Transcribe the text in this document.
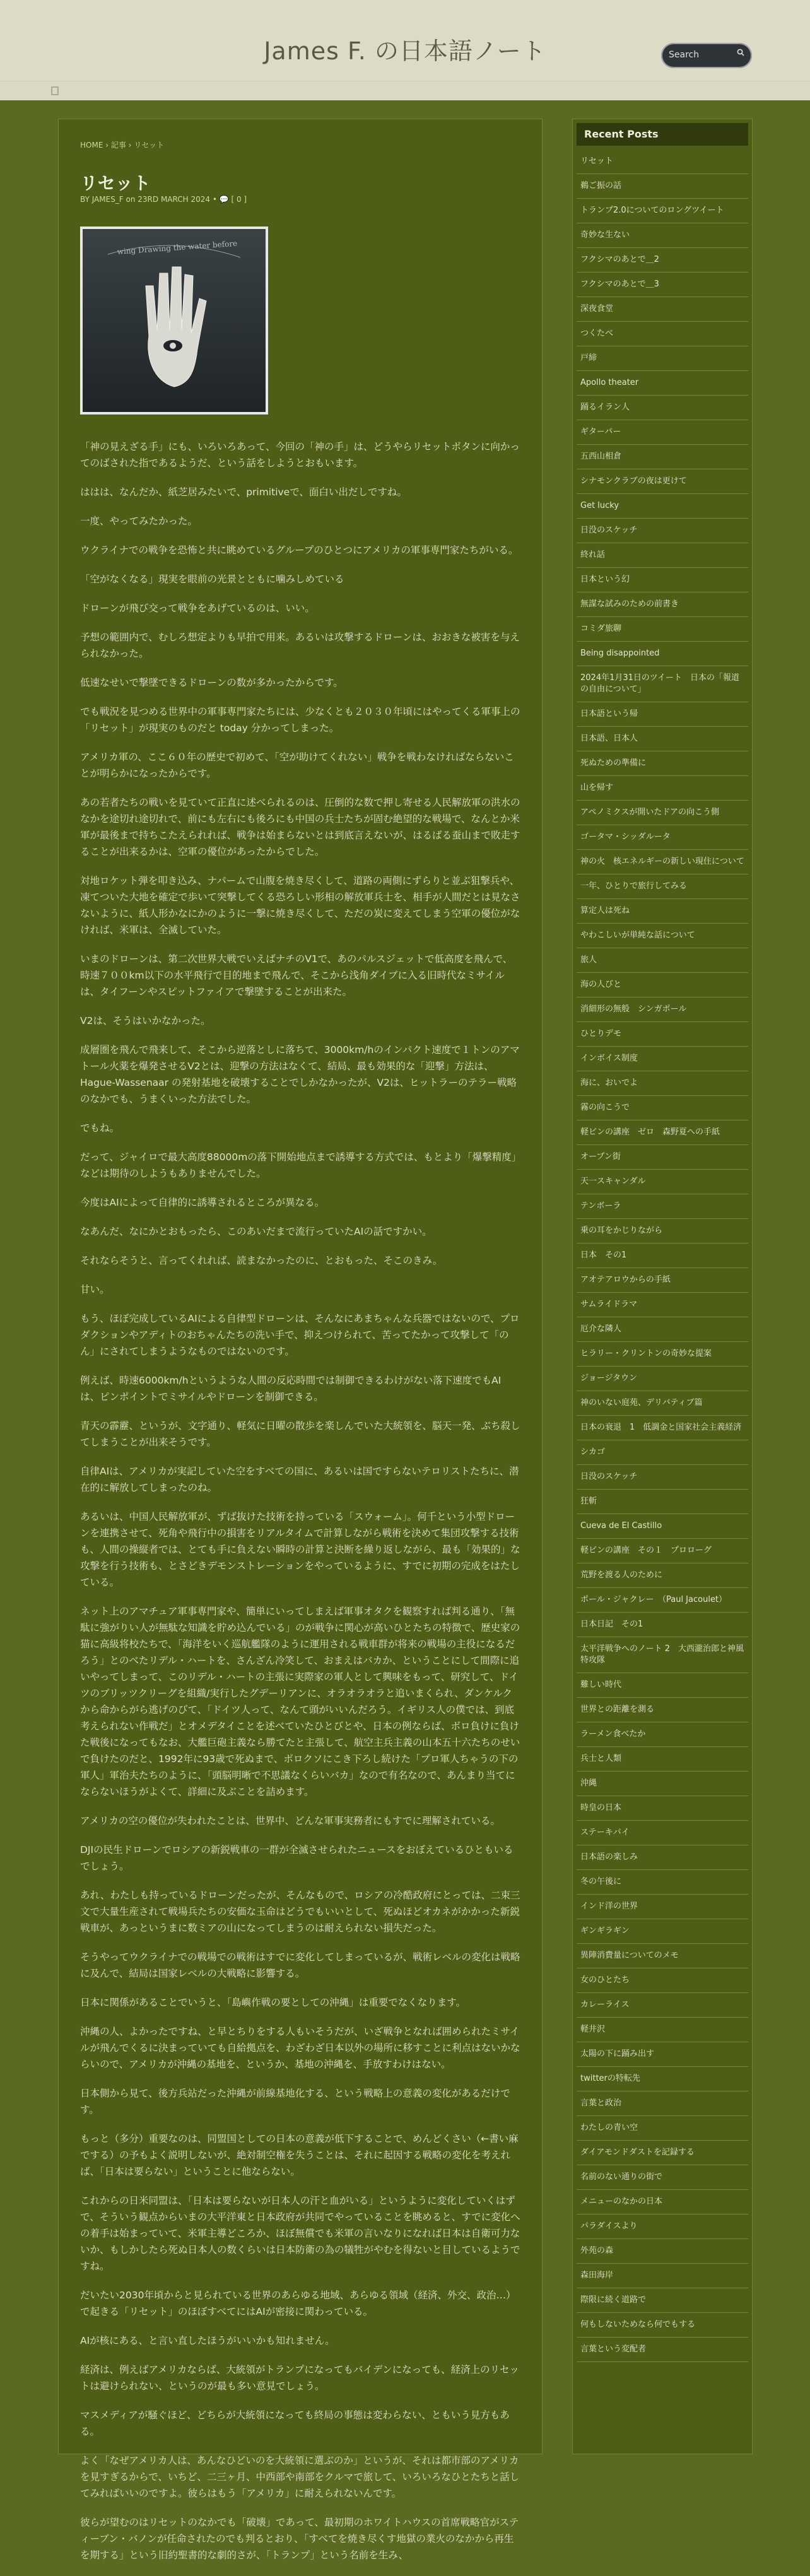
James F. の日本語ノート	Search
HOME › 記事 › リセット
リセット
BY JAMES_F on 23RD MARCH 2024 • 💬 [ 0 ]
wing Drawing the water before

「神の見えざる手」にも、いろいろあって、今回の「神の手」は、どうやらリセットボタンに向かってのばされた指であるようだ、という話をしようとおもいます。

ははは、なんだか、紙芝居みたいで、primitiveで、面白い出だしですね。

一度、やってみたかった。

ウクライナでの戦争を恐怖と共に眺めているグループのひとつにアメリカの軍事専門家たちがいる。

「空がなくなる」現実を眼前の光景とともに噛みしめている

ドローンが飛び交って戦争をあげているのは、いい。

予想の範囲内で、むしろ想定よりも早拍で用来。あるいは攻撃するドローンは、おおきな被害を与えられなかった。

低速なせいで撃墜できるドローンの数が多かったからです。

でも戦況を見つめる世界中の軍事専門家たちには、少なくとも２０３０年頃にはやってくる軍事上の「リセット」が現実のものだと today 分かってしまった。

アメリカ軍の、ここ６０年の歴史で初めて、「空が助けてくれない」戦争を戦わなければならないことが明らかになったからです。

あの若者たちの戦いを見ていて正直に述べられるのは、圧倒的な数で押し寄せる人民解放軍の洪水のなかを途切れ途切れで、前にも左右にも後ろにも中国の兵士たちが固む絶望的な戦場で、なんとか米軍が最後まで持ちこたえられれば、戦争は始まらないとは到底言えないが、はるばる蚕山まで敗走することが出来るかは、空軍の優位があったからでした。

対地ロケット弾を叩き込み、ナパームで山腹を焼き尽くして、道路の両側にずらりと並ぶ狙撃兵や、凍てついた大地を確定で歩いて突撃してくる恐ろしい形相の解放軍兵士を、相手が人間だとは見なさないように、紙人形かなにかのように一撃に焼き尽くして、ただの炭に変えてしまう空軍の優位がなければ、米軍は、全滅していた。

いまのドローンは、第二次世界大戦でいえばナチのV1で、あのパルスジェットで低高度を飛んで、時速７００km以下の水平飛行で目的地まで飛んで、そこから浅角ダイブに入る旧時代なミサイルは、タイフーンやスピットファイアで撃墜することが出来た。

V2は、そうはいかなかった。

成層圏を飛んで飛来して、そこから逆落としに落ちて、3000km/hのインパクト速度で１トンのアマトール火薬を爆発させるV2とは、迎撃の方法はなくて、結局、最も効果的な「迎撃」方法は、Hague-Wassenaar の発射基地を破壊することでしかなかったが、V2は、ヒットラーのテラー戦略のなかでも、うまくいった方法でした。

でもね。

だって、ジャイロで最大高度88000mの落下開始地点まで誘導する方式では、もとより「爆撃精度」などは期待のしようもありませんでした。

今度はAIによって自律的に誘導されるところが異なる。

なあんだ、なにかとおもったら、このあいだまで流行っていたAIの話ですかい。

それならそうと、言ってくれれば、読まなかったのに、とおもった、そこのきみ。

甘い。

もう、ほぼ完成しているAIによる自律型ドローンは、そんなにあまちゃんな兵器ではないので、プロダクションやアディトのおちゃんたちの洗い手で、抑えつけられて、苦ってたかって攻撃して「のん」にされてしまうようなものではないのです。

例えば、時速6000km/hというような人間の反応時間では制御できるわけがない落下速度でもAIは、ピンポイントでミサイルやドローンを制御できる。

青天の霹靂、というが、文字通り、軽気に日曜の散歩を楽しんでいた大統領を、脳天一発、ぶち殺してしまうことが出来そうです。

自律AIは、アメリカが実記していた空をすべての国に、あるいは国ですらないテロリストたちに、潜在的に解放してしまったのね。

あるいは、中国人民解放軍が、ずば抜けた技術を持っている「スウォーム」。何千という小型ドローンを連携させて、死角や飛行中の損害をリアルタイムで計算しながら戦術を決めて集団攻撃する技術も、人間の操縦者では、とても手に負えない瞬時の計算と決断を繰り返しながら、最も「効果的」な攻撃を行う技術も、とさどきデモンストレーションをやっているように、すでに初期の完成をはたしている。

ネット上のアマチュア軍事専門家や、簡単にいってしまえば軍事オタクを観察すれば判る通り、「無駄に強がりい人が無駄な知識を貯め込んでいる」のが戦争に関心が高いひとたちの特徴で、歴史家の猫に高級将校たちで、「海洋をいく巡航艦隊のように運用される戦車群が将来の戦場の主役になるだろう」とのべたリデル・ハートを、さんざん冷笑して、おまえはバカか、ということにして間際に追いやってしまって、このリデル・ハートの主張に実際家の軍人として興味をもって、研究して、ドイツのブリッツクリーグを組織/実行したグデーリアンに、オラオラオラと追いまくられ、ダンケルクから命からがら逃げのびて、「ドイツ人って、なんて頭がいいんだろう。イギリス人の僕では、到底考えられない作戦だ」とオメデタイことを述べていたひとびとや、日本の例ならば、ボロ負けに負けた戦後になってもなお、大艦巨砲主義なら勝てたと主張して、航空主兵主義の山本五十六たちのせいで負けたのだと、1992年に93歳で死ぬまで、ボロクソにこき下ろし続けた「プロ軍人ちゃうの下の軍人」軍治夫たちのように、「頭脳明晰で不思議なくらいバカ」なので有名なので、あんまり当てにならないほうがよくて、詳細に及ぶことを詰めます。

アメリカの空の優位が失われたことは、世界中、どんな軍事実務者にもすでに理解されている。

DJIの民生ドローンでロシアの新鋭戦車の一群が全滅させられたニュースをおぼえているひともいるでしょう。

あれ、わたしも持っているドローンだったが、そんなもので、ロシアの冷酷政府にとっては、二束三文で大量生産されて戦場兵たちの安価な玉命はどうでもいいとして、死ぬほどオカネがかかった新鋭戦車が、あっというまに数ミアの山になってしまうのは耐えられない損失だった。

そうやってウクライナでの戦場での戦術はすでに変化してしまっているが、戦術レベルの変化は戦略に及んで、結局は国家レベルの大戦略に影響する。

日本に関係があることでいうと、「島嶼作戦の要としての沖縄」は重要でなくなります。

沖縄の人、よかったですね、と早とちりをする人もいそうだが、いざ戦争となれば囲められたミサイルが飛んでくるに決まっていても自給拠点を、わざわざ日本以外の場所に移すことに利点はないかならいので、アメリカが沖縄の基地を、というか、基地の沖縄を、手放すわけはない。

日本側から見て、後方兵站だった沖縄が前線基地化する、という戦略上の意義の変化があるだけです。

もっと（多分）重要なのは、同盟国としての日本の意義が低下することで、めんどくさい（←書い麻でする）の予もよく説明しないが、絶対制空権を失うことは、それに起因する戦略の変化を考えれば、「日本は要らない」ということに他ならない。

これからの日米同盟は、「日本は要らないが日本人の汗と血がいる」というように変化していくはずで、そういう観点からいまの大平洋東と日本政府が共同でやっていることを眺めると、すでに変化への着手は始まっていて、米軍主導どころか、ほぼ無償でも米軍の言いなりになれば日本は自衛可力ないか、もしかしたら死ぬ日本人の数くらいは日本防衛の為の犠牲がやむを得ないと目しているようですね。

だいたい2030年頃からと見られている世界のあらゆる地域、あらゆる領域（経済、外交、政治…）で起きる「リセット」のほぼすべてにはAIが密接に関わっている。

AIが核にある、と言い直したほうがいいかも知れません。

経済は、例えばアメリカならば、大統領がトランプになってもバイデンになっても、経済上のリセットは避けられない、というのが最も多い意見でしょう。

マスメディアが騒ぐほど、どちらが大統領になっても終局の事態は変わらない、ともいう見方もある。

よく「なぜアメリカ人は、あんなひどいのを大統領に選ぶのか」というが、それは都市部のアメリカを見すぎるからで、いちど、二三ヶ月、中西部や南部をクルマで旅して、いろいろなひとたちと話してみればいいのですよ。彼らはもう「アメリカ」に耐えられないんです。

彼らが望むのはリセットのなかでも「破壊」であって、最初期のホワイトハウスの首席戦略官がスティーブン・バノンが任命されたのでも判るとおり、「すべてを焼き尽くす地獄の業火のなかから再生を期する」という旧約聖書的な劇的さが、「トランプ」という名前を生み、

Recent Posts
リセット
鵜ご振の話
トランプ2.0についてのロングツイート
奇妙な生ない
フクシマのあとで＿2
フクシマのあとで＿3
深夜食堂
つくたべ
戸締
Apollo theater
踊るイラン人
ギターバー
五西山相倉
シナモンクラブの夜は更けて
Get lucky
日没のスケッチ
終れ話
日本という幻
無謀な試みのための前書き
コミダ旅聊
Being disappointed
2024年1月31日のツイート　日本の「報道の自由について」
日本語という帰
日本語、日本人
死ぬための準備に
山を帰す
アペノミクスが開いたドアの向こう側
ゴータマ・シッダルータ
神の火　核エネルギーの新しい現住について
一年、ひとりで旅行してみる
算定人は死ね
やわこしいが単純な話について
旅人
海の人びと
消細形の無般　シンガポール
ひとりデモ
インボイス制度
海に、おいでよ
霧の向こうで
軽ビンの講座　ゼロ　森野夏への手紙
オープン街
天一スキャンダル
テンボーラ
乗の耳をかじりながら
日本　その1
アオテアロウからの手紙
サムライドラマ
厄介な隣人
ヒラリー・クリントンの奇妙な提案
ジョージタウン
神のいない庭苑、デリバティブ篇
日本の衰退　1　低調金と国家社会主義経済
シカゴ
日没のスケッチ
狂斬
Cueva de El Castillo
軽ビンの講座　その１　プロローグ
荒野を渡る人のために
ポール・ジャクレー　（Paul Jacoulet）
日本日記　その1
太平洋戦争へのノート 2　大西瀧治郎と神風特攻隊
難しい時代
世界との距離を測る
ラーメン食べたか
兵士と人類
沖縄
時皇の日本
ステーキパイ
日本語の楽しみ
冬の午後に
インド洋の世界
ギンギラギン
異陣消費量についてのメモ
女のひとたち
カレーライス
軽井沢
太陽の下に踊み出す
twitterの特転先
言葉と政治
わたしの青い空
ダイアモンドダストを記録する
名前のない通りの街で
メニューのなかの日本
パラダイスより
外苑の森
森田海岸
際限に続く道路で
何もしないためなら何でもする
言葉という変配者
